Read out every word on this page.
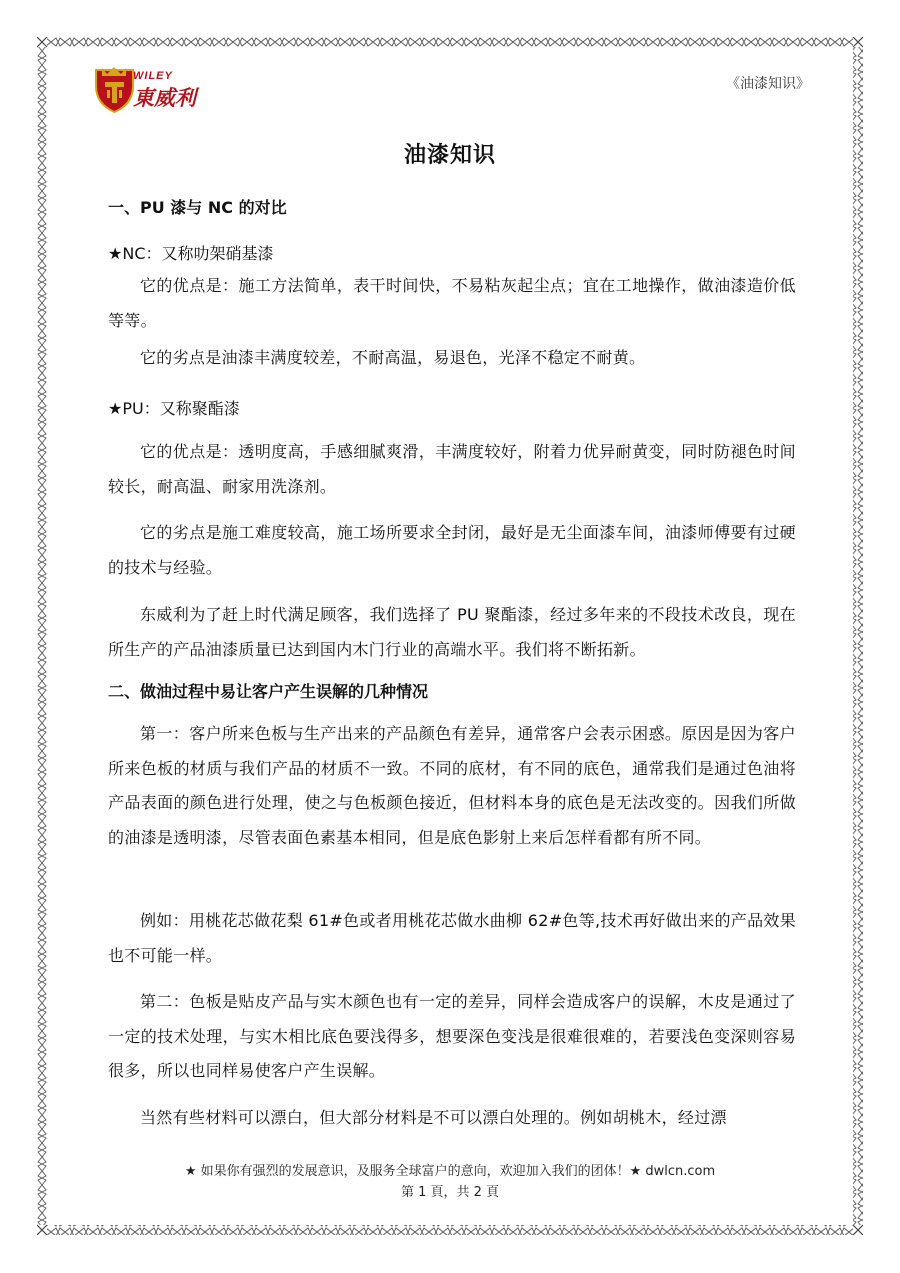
WILEY
東威利
《油漆知识》
油漆知识
一、PU 漆与 NC 的对比
★NC：又称叻架硝基漆
它的优点是：施工方法简单，表干时间快，不易粘灰起尘点；宜在工地操作，做油漆造价低等等。
它的劣点是油漆丰满度较差，不耐高温，易退色，光泽不稳定不耐黄。
★PU：又称聚酯漆
它的优点是：透明度高，手感细腻爽滑，丰满度较好，附着力优异耐黄变，同时防褪色时间较长，耐高温、耐家用洗涤剂。
它的劣点是施工难度较高，施工场所要求全封闭，最好是无尘面漆车间，油漆师傅要有过硬的技术与经验。
东威利为了赶上时代满足顾客，我们选择了 PU 聚酯漆，经过多年来的不段技术改良，现在所生产的产品油漆质量已达到国内木门行业的高端水平。我们将不断拓新。
二、做油过程中易让客户产生误解的几种情况
第一：客户所来色板与生产出来的产品颜色有差异，通常客户会表示困惑。原因是因为客户所来色板的材质与我们产品的材质不一致。不同的底材，有不同的底色，通常我们是通过色油将产品表面的颜色进行处理，使之与色板颜色接近，但材料本身的底色是无法改变的。因我们所做的油漆是透明漆，尽管表面色素基本相同，但是底色影射上来后怎样看都有所不同。
例如：用桃花芯做花梨 61#色或者用桃花芯做水曲柳 62#色等,技术再好做出来的产品效果也不可能一样。
第二：色板是贴皮产品与实木颜色也有一定的差异，同样会造成客户的误解，木皮是通过了一定的技术处理，与实木相比底色要浅得多，想要深色变浅是很难很难的，若要浅色变深则容易很多，所以也同样易使客户产生误解。
当然有些材料可以漂白，但大部分材料是不可以漂白处理的。例如胡桃木，经过漂
★ 如果你有强烈的发展意识，及服务全球富户的意向，欢迎加入我们的团体！★ dwlcn.com
第 1 頁，共 2 頁
